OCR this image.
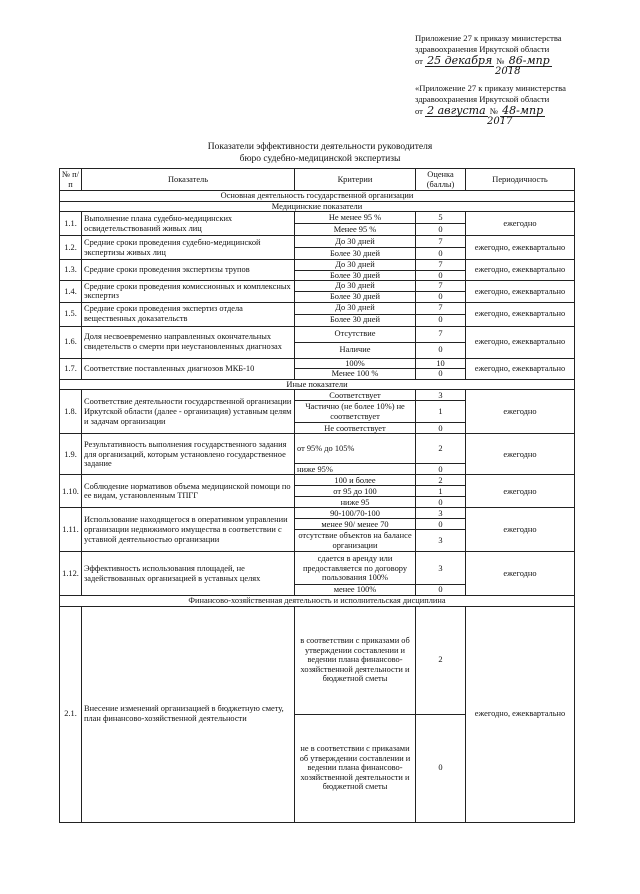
Приложение 27 к приказу министерства
здравоохранения Иркутской области
от 25 декабря № 86-мпр
2018
«Приложение 27 к приказу министерства
здравоохранения Иркутской области
от 2 августа № 48-мпр
2017
Показатели эффективности деятельности руководителя
бюро судебно-медицинской экспертизы
№ п/п	Показатель	Критерии	Оценка (баллы)	Периодичность
Основная деятельность государственной организации				
Медицинские показатели				
1.1.	Выполнение плана судебно-медицинских освидетельствований живых лиц	Не менее 95 %	5	ежегодно
		Менее 95 %	0	
1.2.	Средние сроки проведения судебно-медицинской экспертизы живых лиц	До 30 дней	7	ежегодно, ежеквартально
		Более 30 дней	0	
1.3.	Средние сроки проведения экспертизы трупов	До 30 дней	7	ежегодно, ежеквартально
		Более 30 дней	0	
1.4.	Средние сроки проведения комиссионных и комплексных экспертиз	До 30 дней	7	ежегодно, ежеквартально
		Более 30 дней	0	
1.5.	Средние сроки проведения экспертиз отдела вещественных доказательств	До 30 дней	7	ежегодно, ежеквартально
		Более 30 дней	0	
1.6.	Доля несвоевременно направленных окончательных свидетельств о смерти при неустановленных диагнозах	Отсутствие	7	ежегодно, ежеквартально
		Наличие	0	
1.7.	Соответствие поставленных диагнозов МКБ-10	100%	10	ежегодно, ежеквартально
		Менее 100 %	0	
Иные показатели				
1.8.	Соответствие деятельности государственной организации Иркутской области (далее - организация) уставным целям и задачам организации	Соответствует	3	ежегодно
		Частично (не более 10%) не соответствует	1	
		Не соответствует	0	
1.9.	Результативность выполнения государственного задания для организаций, которым установлено государственное задание	от 95% до 105%	2	ежегодно
		ниже 95%	0	
1.10.	Соблюдение нормативов объема медицинской помощи по ее видам, установленным ТПГГ	100 и более	2	ежегодно
		от 95 до 100	1	
		ниже 95	0	
1.11.	Использование находящегося в оперативном управлении организации недвижимого имущества в соответствии с уставной деятельностью организации	90-100/70-100	3	ежегодно
		менее 90/ менее 70	0	
		отсутствие объектов на балансе организации	3	
1.12.	Эффективность использования площадей, не задействованных организацией в уставных целях	сдается в аренду или предоставляется по договору пользования 100%	3	ежегодно
		менее 100%	0	
Финансово-хозяйственная деятельность и исполнительская дисциплина				
2.1.	Внесение изменений организацией в бюджетную смету, план финансово-хозяйственной деятельности	в соответствии с приказами об утверждении составлении и ведении плана финансово-хозяйственной деятельности и бюджетной сметы	2	ежегодно, ежеквартально
		не в соответствии с приказами об утверждении составлении и ведении плана финансово-хозяйственной деятельности и бюджетной сметы	0	
